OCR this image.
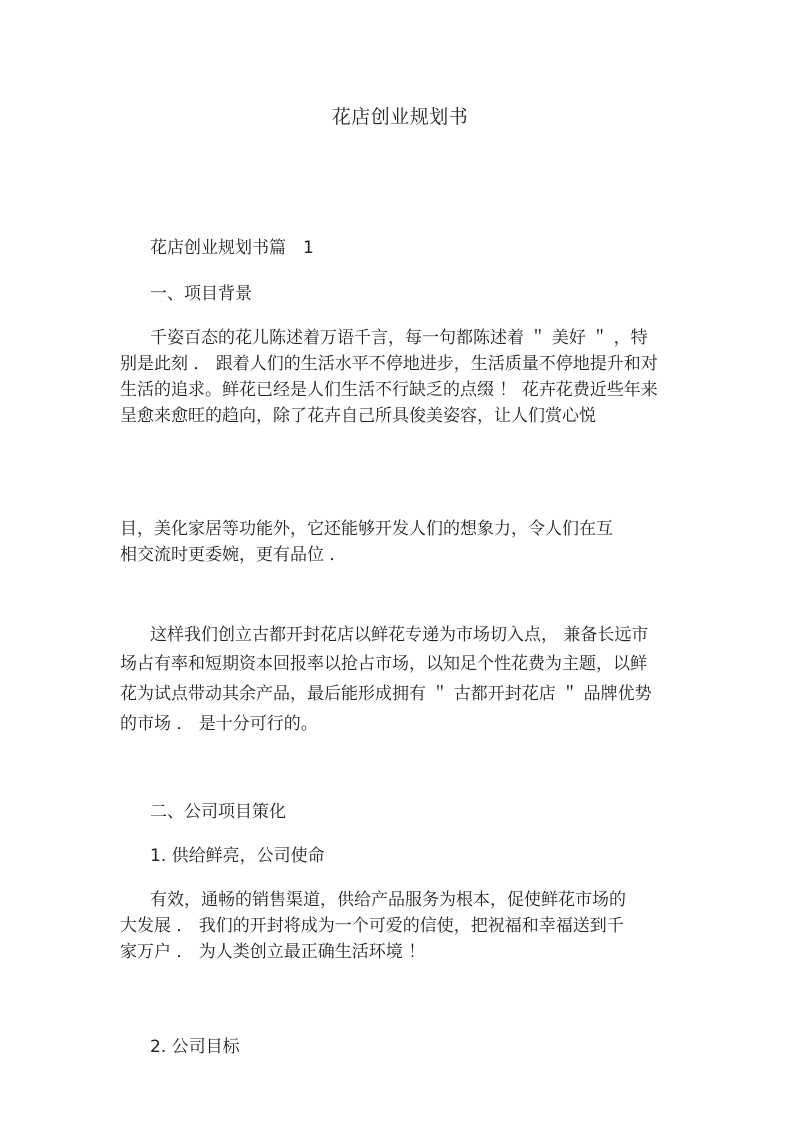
花店创业规划书
花店创业规划书篇　1
一、项目背景
千姿百态的花儿陈述着万语千言，每一句都陈述着 ＂ 美好 ＂ ，特
别是此刻 ． 跟着人们的生活水平不停地进步，生活质量不停地提升和对
生活的追求。鲜花已经是人们生活不行缺乏的点缀 ！ 花卉花费近些年来
呈愈来愈旺的趋向，除了花卉自己所具俊美姿容，让人们赏心悦
目，美化家居等功能外，它还能够开发人们的想象力，令人们在互
相交流时更委婉，更有品位 ．
这样我们创立古都开封花店以鲜花专递为市场切入点， 兼备长远市
场占有率和短期资本回报率以抢占市场，以知足个性花费为主题，以鲜
花为试点带动其余产品，最后能形成拥有 ＂ 古都开封花店 ＂ 品牌优势
的市场 ． 是十分可行的。
二、公司项目策化
1. 供给鲜亮，公司使命
有效，通畅的销售渠道，供给产品服务为根本，促使鲜花市场的
大发展 ． 我们的开封将成为一个可爱的信使，把祝福和幸福送到千
家万户 ． 为人类创立最正确生活环境 ！
2. 公司目标
